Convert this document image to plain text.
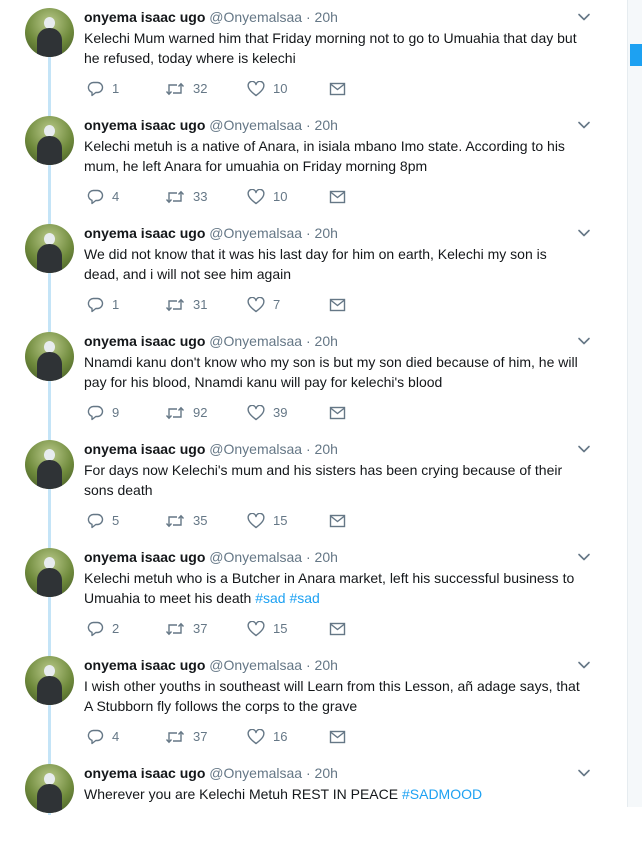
onyema isaac ugo @Onyemalsaa · 20h
Kelechi Mum warned him that Friday morning not to go to Umuahia that day but he refused, today where is kelechi
1	32	10
onyema isaac ugo @Onyemalsaa · 20h
Kelechi metuh is a native of Anara, in isiala mbano Imo state. According to his mum, he left Anara for umuahia on Friday morning 8pm
4	33	10
onyema isaac ugo @Onyemalsaa · 20h
We did not know that it was his last day for him on earth, Kelechi my son is dead, and i will not see him again
1	31	7
onyema isaac ugo @Onyemalsaa · 20h
Nnamdi kanu don't know who my son is but my son died because of him, he will pay for his blood, Nnamdi kanu will pay for kelechi's blood
9	92	39
onyema isaac ugo @Onyemalsaa · 20h
For days now Kelechi's mum and his sisters has been crying because of their sons death
5	35	15
onyema isaac ugo @Onyemalsaa · 20h
Kelechi metuh who is a Butcher in Anara market, left his successful business to Umuahia to meet his death #sad #sad
2	37	15
onyema isaac ugo @Onyemalsaa · 20h
I wish other youths in southeast will Learn from this Lesson, añ adage says, that A Stubborn fly follows the corps to the grave
4	37	16
onyema isaac ugo @Onyemalsaa · 20h
Wherever you are Kelechi Metuh REST IN PEACE #SADMOOD
